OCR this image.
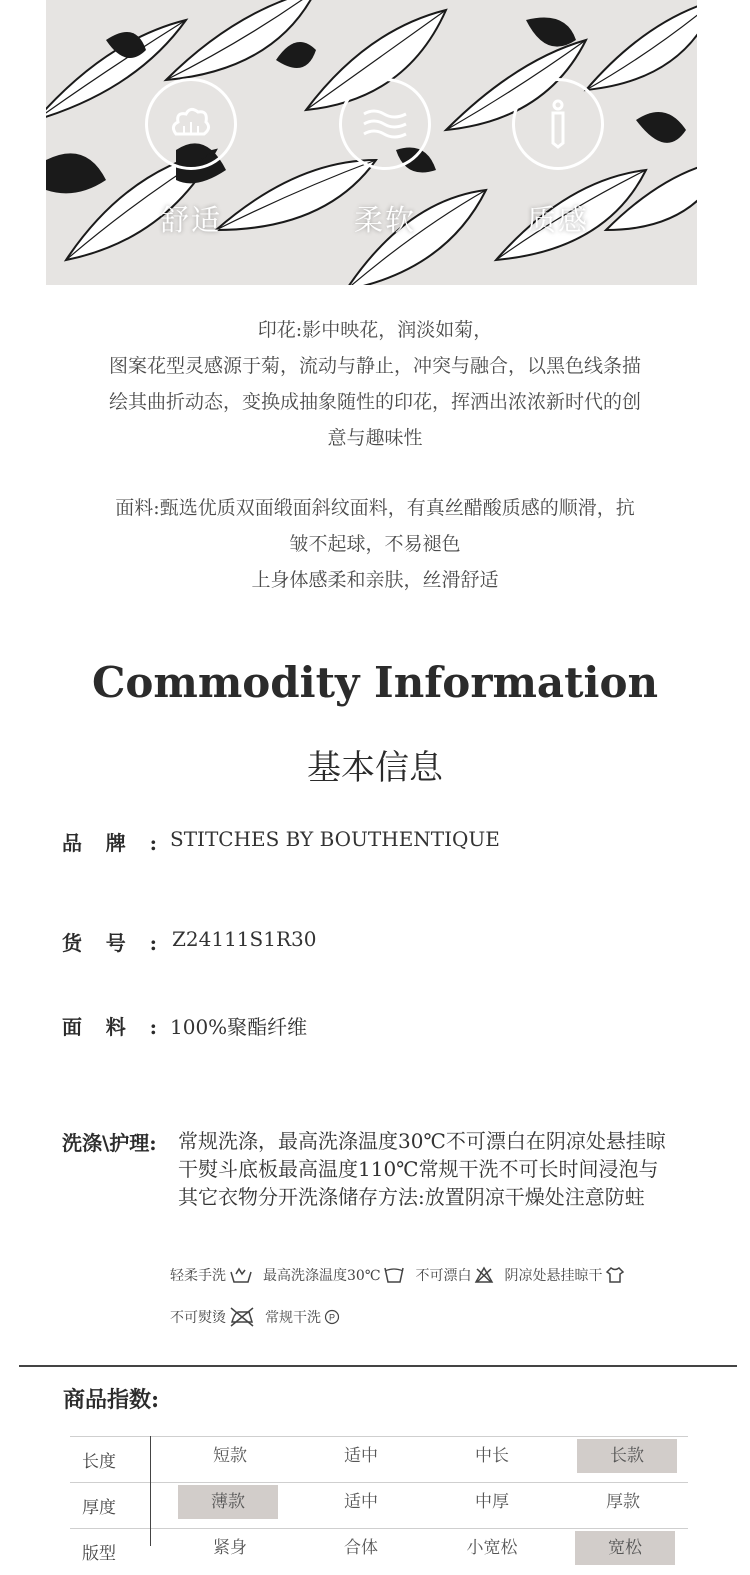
舒适	柔软	质感
印花:影中映花，润淡如菊，
图案花型灵感源于菊，流动与静止，冲突与融合，以黑色线条描
绘其曲折动态，变换成抽象随性的印花，挥洒出浓浓新时代的创
意与趣味性
面料:甄选优质双面缎面斜纹面料，有真丝醋酸质感的顺滑，抗
皱不起球，不易褪色
上身体感柔和亲肤，丝滑舒适
Commodity Information
基本信息
品牌: STITCHES BY BOUTHENTIQUE
货号: Z24111S1R30
面料: 100%聚酯纤维
洗涤\护理: 常规洗涤，最高洗涤温度30℃不可漂白在阴凉处悬挂晾干熨斗底板最高温度110℃常规干洗不可长时间浸泡与其它衣物分开洗涤储存方法:放置阴凉干燥处注意防蛀
轻柔手洗	最高洗涤温度30℃	不可漂白 阴凉处悬挂晾干
不可熨烫	常规干洗 P
商品指数:
长度	短款	适中	中长	长款
厚度	薄款	适中	中厚	厚款
版型	紧身	合体	小宽松	宽松
